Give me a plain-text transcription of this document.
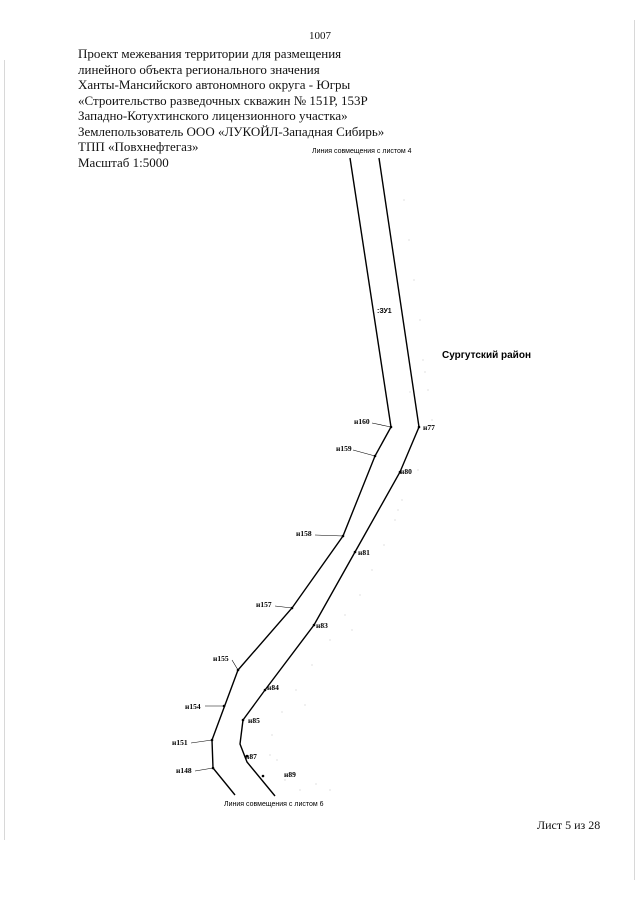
1007
Проект межевания территории для размещения
линейного объекта регионального значения
Ханты-Мансийского автономного округа - Югры
«Строительство разведочных скважин № 151Р, 153Р
Западно-Котухтинского лицензионного участка»
Землепользователь ООО «ЛУКОЙЛ-Западная Сибирь»
ТПП «Повхнефтегаз»
Масштаб 1:5000
Линия совмещения с листом 4
Линия совмещения с листом 6
:ЗУ1
Сургутский район
н160
н159
н158
н157
н155
н154
н151
н148
н77
н80
н81
н83
н84
н85
н87
н89
Лист 5 из 28
